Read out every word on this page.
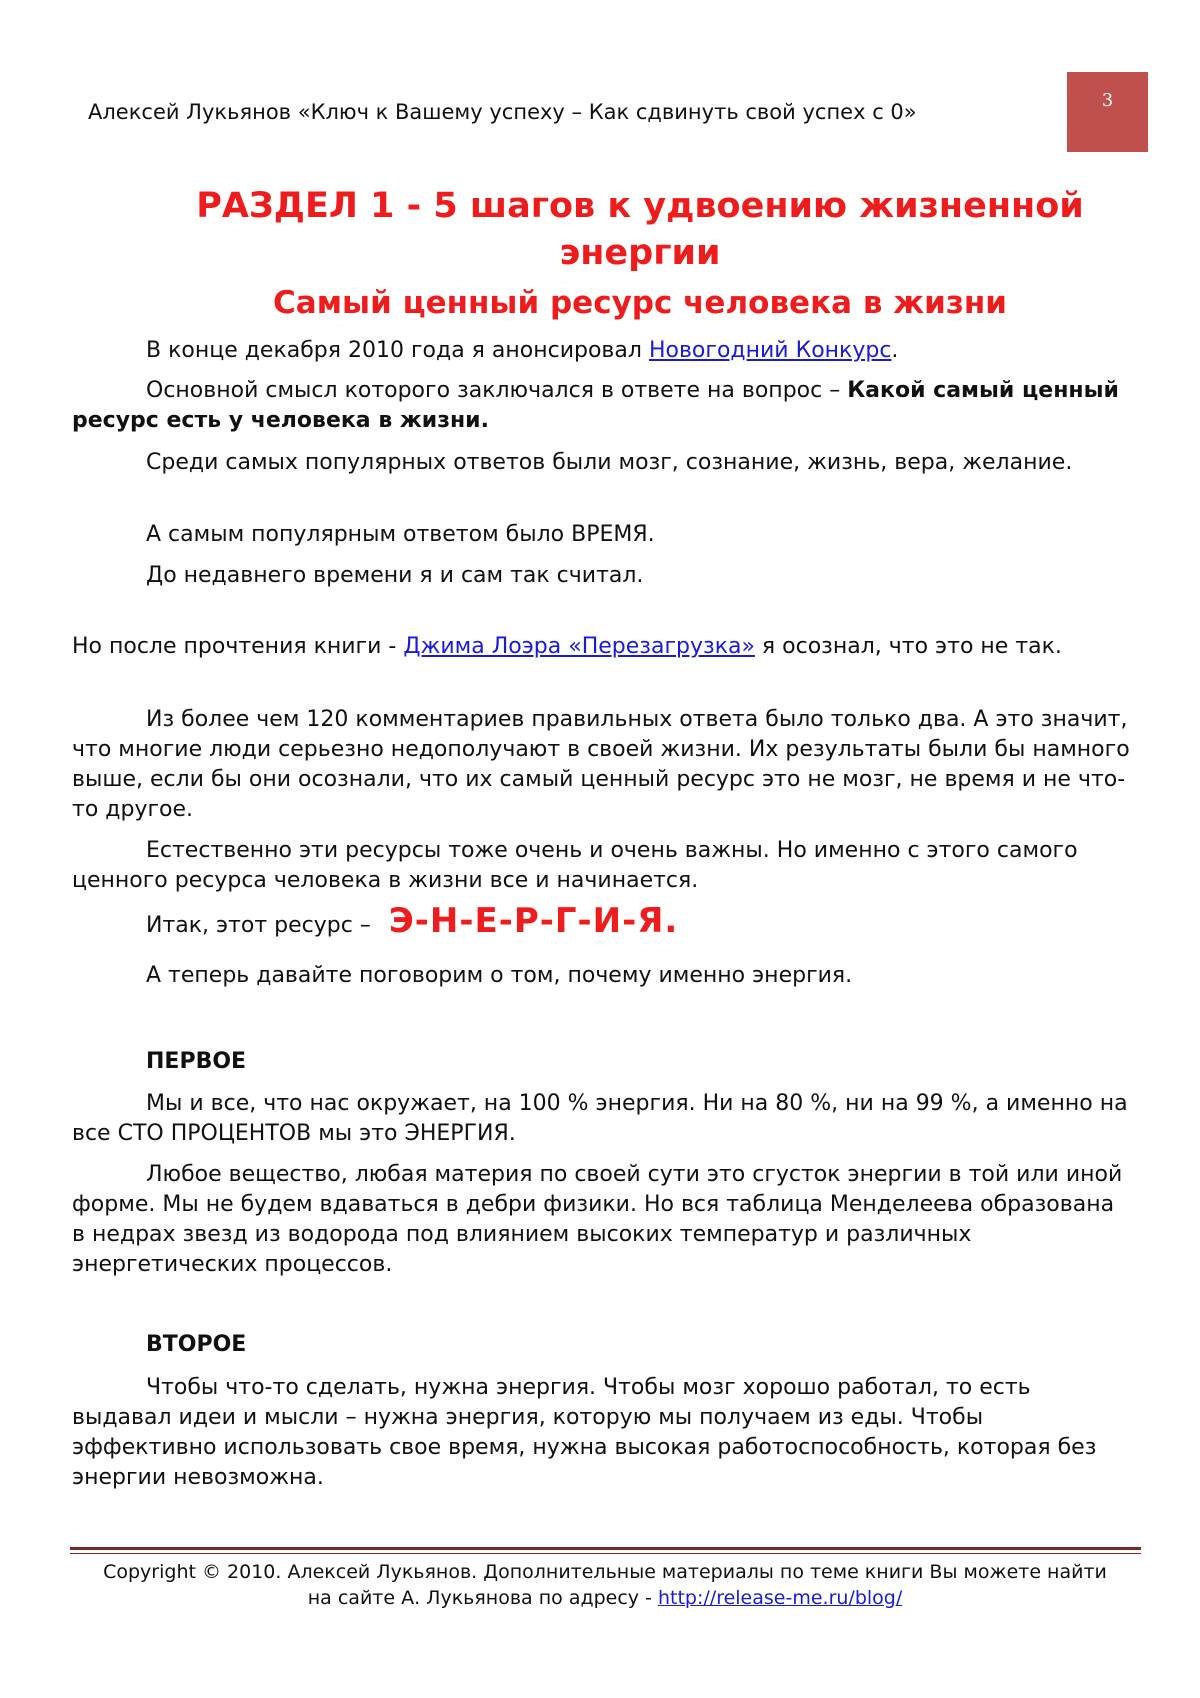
Алексей Лукьянов «Ключ к Вашему успеху – Как сдвинуть свой успех с 0»	3
РАЗДЕЛ 1 - 5 шагов к удвоению жизненной
энергии
Самый ценный ресурс человека в жизни

В конце декабря 2010 года я анонсировал Новогодний Конкурс.

Основной смысл которого заключался в ответе на вопрос – Какой самый ценный ресурс есть у человека в жизни.

Среди самых популярных ответов были мозг, сознание, жизнь, вера, желание.

А самым популярным ответом было ВРЕМЯ.

До недавнего времени я и сам так считал.

Но после прочтения книги - Джима Лоэра «Перезагрузка» я осознал, что это не так.

Из более чем 120 комментариев правильных ответа было только два. А это значит, что многие люди серьезно недополучают в своей жизни. Их результаты были бы намного выше, если бы они осознали, что их самый ценный ресурс это не мозг, не время и не что-то другое.

Естественно эти ресурсы тоже очень и очень важны. Но именно с этого самого ценного ресурса человека в жизни все и начинается.

Итак, этот ресурс – Э-Н-Е-Р-Г-И-Я.

А теперь давайте поговорим о том, почему именно энергия.

ПЕРВОЕ

Мы и все, что нас окружает, на 100 % энергия. Ни на 80 %, ни на 99 %, а именно на все СТО ПРОЦЕНТОВ мы это ЭНЕРГИЯ.

Любое вещество, любая материя по своей сути это сгусток энергии в той или иной форме. Мы не будем вдаваться в дебри физики. Но вся таблица Менделеева образована в недрах звезд из водорода под влиянием высоких температур и различных энергетических процессов.

ВТОРОЕ

Чтобы что-то сделать, нужна энергия. Чтобы мозг хорошо работал, то есть выдавал идеи и мысли – нужна энергия, которую мы получаем из еды. Чтобы эффективно использовать свое время, нужна высокая работоспособность, которая без энергии невозможна.

Copyright © 2010. Алексей Лукьянов. Дополнительные материалы по теме книги Вы можете найти
на сайте А. Лукьянова по адресу - http://release-me.ru/blog/
